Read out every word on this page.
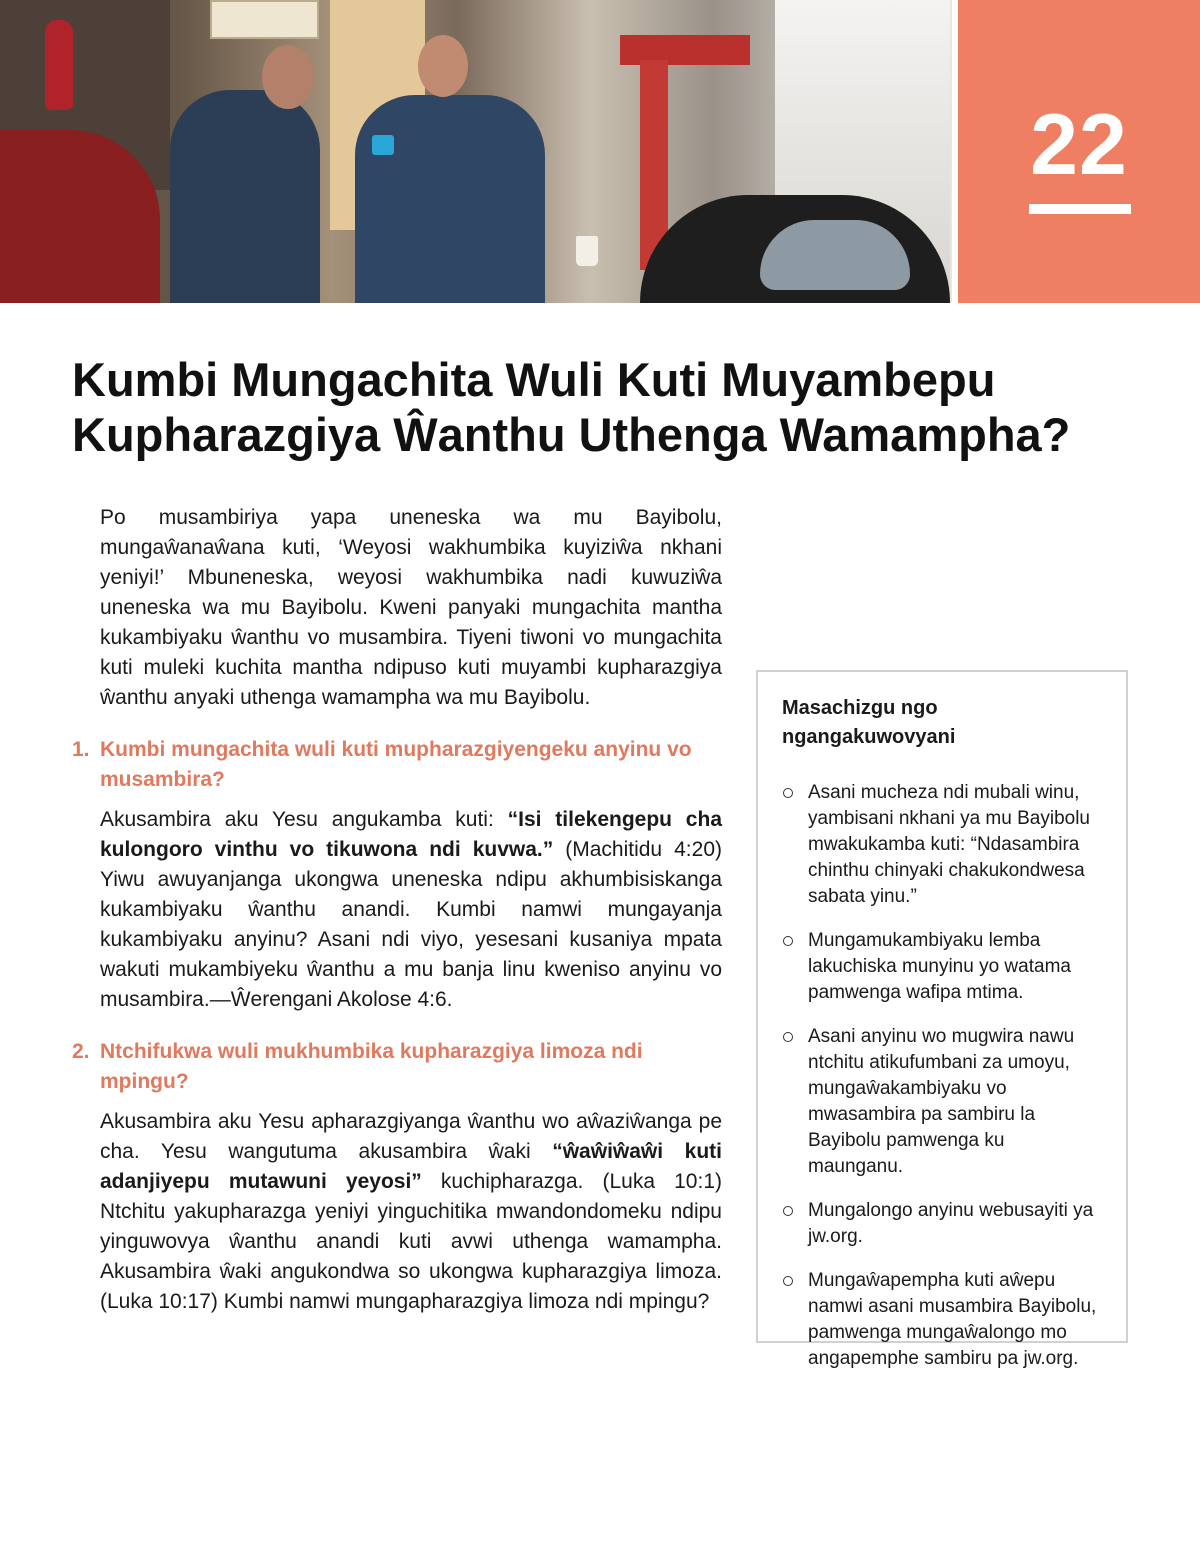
22
Kumbi Mungachita Wuli Kuti Muyambepu Kupharazgiya Ŵanthu Uthenga Wamampha?

Po musambiriya yapa uneneska wa mu Bayibolu, mungaŵanaŵana kuti, ‘Weyosi wakhumbika kuyiziŵa nkhani yeniyi!’ Mbuneneska, weyosi wakhumbika nadi kuwuziŵa uneneska wa mu Bayibolu. Kweni panyaki mungachita mantha kukambiyaku ŵanthu vo musambira. Tiyeni tiwoni vo mungachita kuti muleki kuchita mantha ndipuso kuti muyambi kupharazgiya ŵanthu anyaki uthenga wamampha wa mu Bayibolu.

1. Kumbi mungachita wuli kuti mupharazgiyengeku anyinu vo musambira?

Akusambira aku Yesu angukamba kuti: “Isi tilekengepu cha kulongoro vinthu vo tikuwona ndi kuvwa.” (Machitidu 4:20) Yiwu awuyanjanga ukongwa uneneska ndipu akhumbisiskanga kukambiyaku ŵanthu anandi. Kumbi namwi mungayanja kukambiyaku anyinu? Asani ndi viyo, yesesani kusaniya mpata wakuti mukambiyeku ŵanthu a mu banja linu kweniso anyinu vo musambira.—Ŵerengani Akolose 4:6.

2. Ntchifukwa wuli mukhumbika kupharazgiya limoza ndi mpingu?

Akusambira aku Yesu apharazgiyanga ŵanthu wo aŵaziŵanga pe cha. Yesu wangutuma akusambira ŵaki “ŵaŵiŵaŵi kuti adanjiyepu mutawuni yeyosi” kuchipharazga. (Luka 10:1) Ntchitu yakupharazga yeniyi yinguchitika mwandondomeku ndipu yinguwovya ŵanthu anandi kuti avwi uthenga wamampha. Akusambira ŵaki angukondwa so ukongwa kupharazgiya limoza. (Luka 10:17) Kumbi namwi mungapharazgiya limoza ndi mpingu?

Masachizgu ngo ngangakuwovyani
Asani mucheza ndi mubali winu, yambisani nkhani ya mu Bayibolu mwakukamba kuti: “Ndasambira chinthu chinyaki chakukondwesa sabata yinu.”
Mungamukambiyaku lemba lakuchiska munyinu yo watama pamwenga wafipa mtima.
Asani anyinu wo mugwira nawu ntchitu atikufumbani za umoyu, mungaŵakambiyaku vo mwasambira pa sambiru la Bayibolu pamwenga ku maunganu.
Mungalongo anyinu webusayiti ya jw.org.
Mungaŵapempha kuti aŵepu namwi asani musambira Bayibolu, pamwenga mungaŵalongo mo angapemphe sambiru pa jw.org.
